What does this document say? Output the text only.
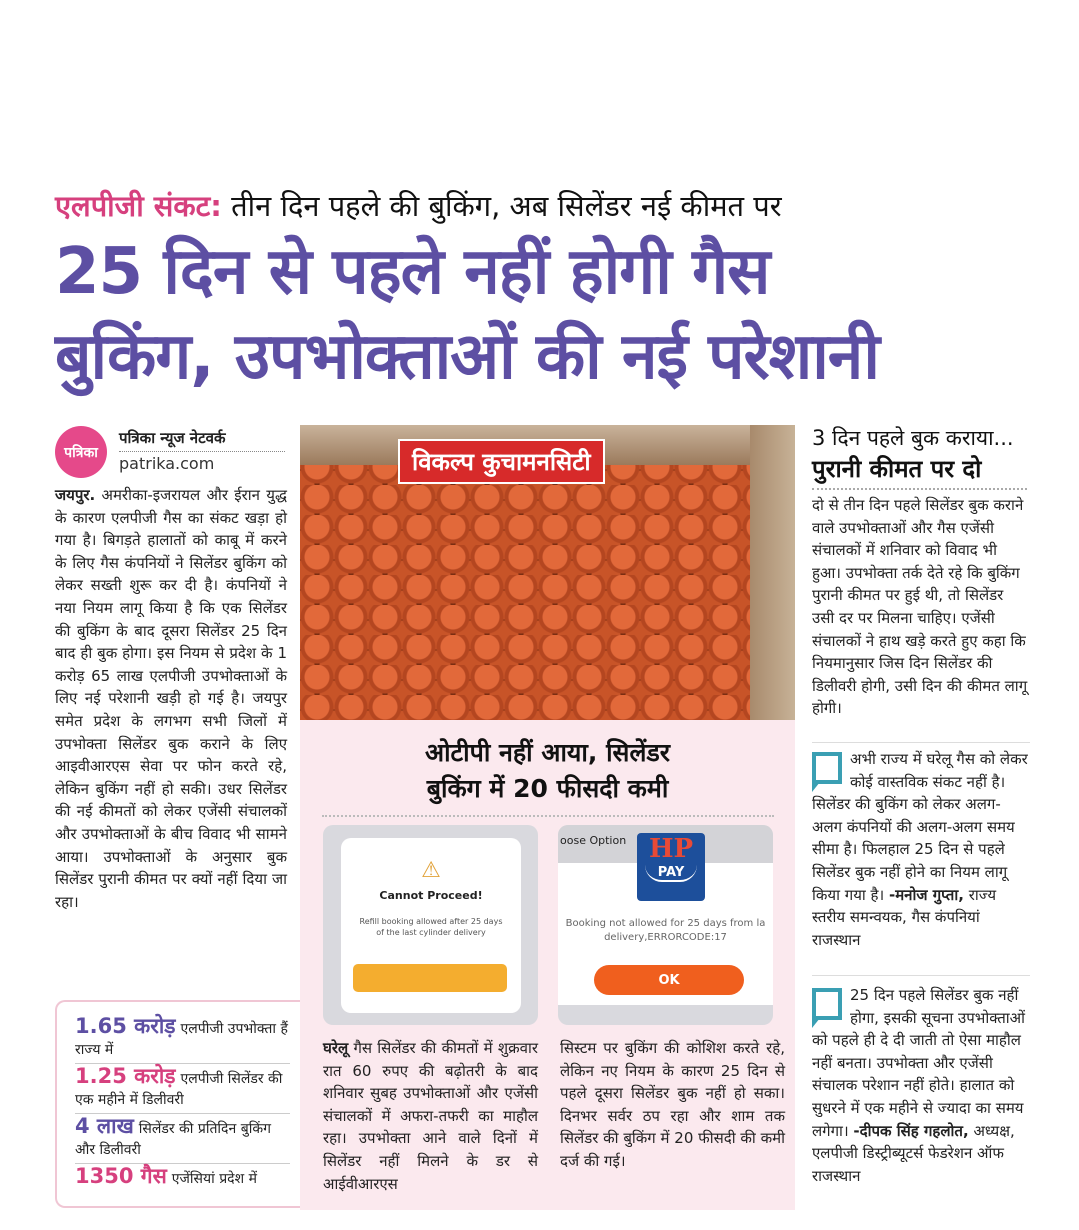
एलपीजी संकट: तीन दिन पहले की बुकिंग, अब सिलेंडर नई कीमत पर
25 दिन से पहले नहीं होगी गैस
बुकिंग, उपभोक्ताओं की नई परेशानी
पत्रिका
पत्रिका न्यूज नेटवर्क
patrika.com
जयपुर. अमरीका-इजरायल और ईरान युद्ध के कारण एलपीजी गैस का संकट खड़ा हो गया है। बिगड़ते हालातों को काबू में करने के लिए गैस कंपनियों ने सिलेंडर बुकिंग को लेकर सख्ती शुरू कर दी है। कंपनियों ने नया नियम लागू किया है कि एक सिलेंडर की बुकिंग के बाद दूसरा सिलेंडर 25 दिन बाद ही बुक होगा। इस नियम से प्रदेश के 1 करोड़ 65 लाख एलपीजी उपभोक्ताओं के लिए नई परेशानी खड़ी हो गई है। जयपुर समेत प्रदेश के लगभग सभी जिलों में उपभोक्ता सिलेंडर बुक कराने के लिए आइवीआरएस सेवा पर फोन करते रहे, लेकिन बुकिंग नहीं हो सकी। उधर सिलेंडर की नई कीमतों को लेकर एजेंसी संचालकों और उपभोक्ताओं के बीच विवाद भी सामने आया। उपभोक्ताओं के अनुसार बुक सिलेंडर पुरानी कीमत पर क्यों नहीं दिया जा रहा।
1.65 करोड़ एलपीजी उपभोक्ता हैं राज्य में
1.25 करोड़ एलपीजी सिलेंडर की एक महीने में डिलीवरी
4 लाख सिलेंडर की प्रतिदिन बुकिंग और डिलीवरी
1350 गैस एजेंसियां प्रदेश में
विकल्प कुचामनसिटी
ओटीपी नहीं आया, सिलेंडर
बुकिंग में 20 फीसदी कमी
⚠
Cannot Proceed!
Refill booking allowed after 25 days of the last cylinder delivery
oose Option HP
PAY
Booking not allowed for 25 days from la delivery,ERRORCODE:17
OK
घरेलू गैस सिलेंडर की कीमतों में शुक्रवार रात 60 रुपए की बढ़ोतरी के बाद शनिवार सुबह उपभोक्ताओं और एजेंसी संचालकों में अफरा-तफरी का माहौल रहा। उपभोक्ता आने वाले दिनों में सिलेंडर नहीं मिलने के डर से आईवीआरएस
सिस्टम पर बुकिंग की कोशिश करते रहे, लेकिन नए नियम के कारण 25 दिन से पहले दूसरा सिलेंडर बुक नहीं हो सका। दिनभर सर्वर ठप रहा और शाम तक सिलेंडर की बुकिंग में 20 फीसदी की कमी दर्ज की गई।
3 दिन पहले बुक कराया...
पुरानी कीमत पर दो
दो से तीन दिन पहले सिलेंडर बुक कराने वाले उपभोक्ताओं और गैस एजेंसी संचालकों में शनिवार को विवाद भी हुआ। उपभोक्ता तर्क देते रहे कि बुकिंग पुरानी कीमत पर हुई थी, तो सिलेंडर उसी दर पर मिलना चाहिए। एजेंसी संचालकों ने हाथ खड़े करते हुए कहा कि नियमानुसार जिस दिन सिलेंडर की डिलीवरी होगी, उसी दिन की कीमत लागू होगी।
अभी राज्य में घरेलू गैस को लेकर कोई वास्तविक संकट नहीं है। सिलेंडर की बुकिंग को लेकर अलग-अलग कंपनियों की अलग-अलग समय सीमा है। फिलहाल 25 दिन से पहले सिलेंडर बुक नहीं होने का नियम लागू किया गया है। -मनोज गुप्ता, राज्य स्तरीय समन्वयक, गैस कंपनियां राजस्थान
25 दिन पहले सिलेंडर बुक नहीं होगा, इसकी सूचना उपभोक्ताओं को पहले ही दे दी जाती तो ऐसा माहौल नहीं बनता। उपभोक्ता और एजेंसी संचालक परेशान नहीं होते। हालात को सुधरने में एक महीने से ज्यादा का समय लगेगा। -दीपक सिंह गहलोत, अध्यक्ष, एलपीजी डिस्ट्रीब्यूटर्स फेडरेशन ऑफ राजस्थान
